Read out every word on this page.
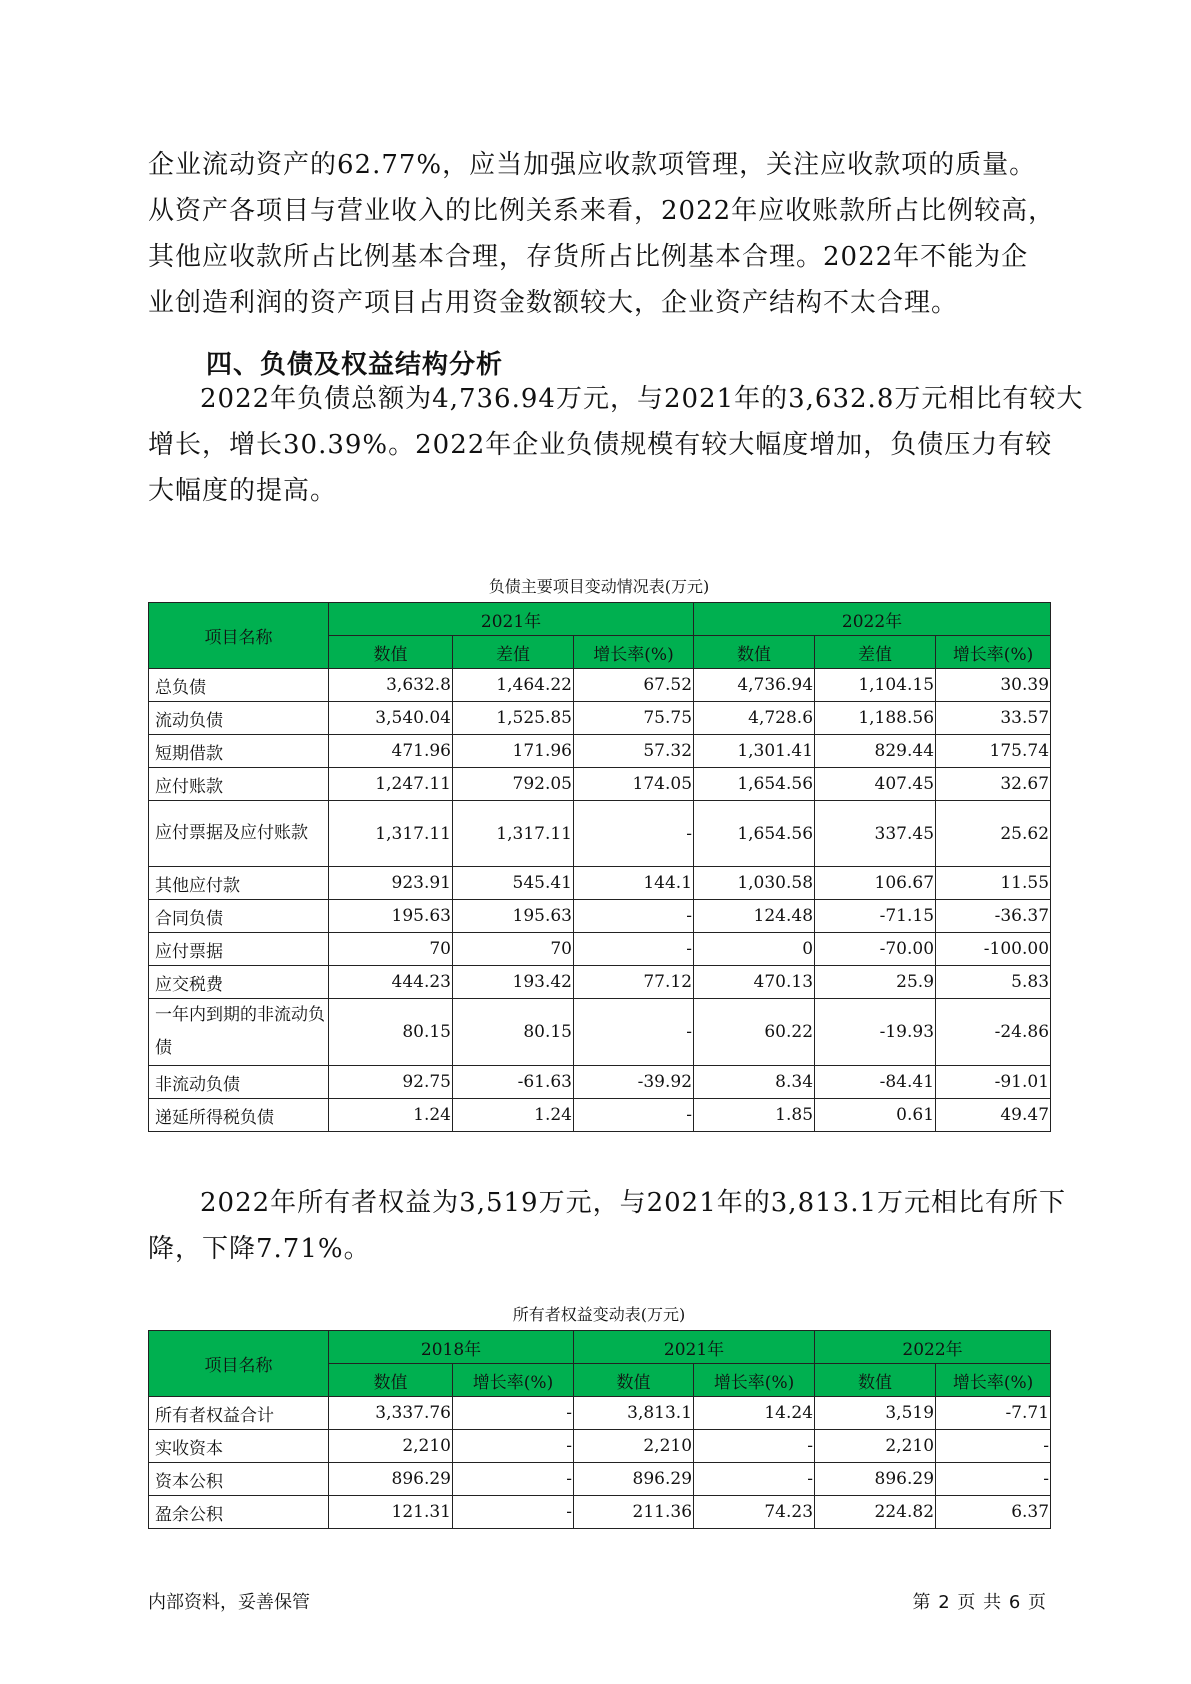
企业流动资产的62.77%，应当加强应收款项管理，关注应收款项的质量。
从资产各项目与营业收入的比例关系来看，2022年应收账款所占比例较高，
其他应收款所占比例基本合理，存货所占比例基本合理。2022年不能为企
业创造利润的资产项目占用资金数额较大，企业资产结构不太合理。
四、负债及权益结构分析
2022年负债总额为4,736.94万元，与2021年的3,632.8万元相比有较大
增长，增长30.39%。2022年企业负债规模有较大幅度增加，负债压力有较
大幅度的提高。
负债主要项目变动情况表(万元)
项目名称	2021年			2022年		
	数值	差值	增长率(%)	数值	差值	增长率(%)
总负债	3,632.8	1,464.22	67.52	4,736.94	1,104.15	30.39
流动负债	3,540.04	1,525.85	75.75	4,728.6	1,188.56	33.57
短期借款	471.96	171.96	57.32	1,301.41	829.44	175.74
应付账款	1,247.11	792.05	174.05	1,654.56	407.45	32.67
应付票据及应付账款	1,317.11	1,317.11	-	1,654.56	337.45	25.62
其他应付款	923.91	545.41	144.1	1,030.58	106.67	11.55
合同负债	195.63	195.63	-	124.48	-71.15	-36.37
应付票据	70	70	-	0	-70.00	-100.00
应交税费	444.23	193.42	77.12	470.13	25.9	5.83
一年内到期的非流动负债	80.15	80.15	-	60.22	-19.93	-24.86
非流动负债	92.75	-61.63	-39.92	8.34	-84.41	-91.01
递延所得税负债	1.24	1.24	-	1.85	0.61	49.47
2022年所有者权益为3,519万元，与2021年的3,813.1万元相比有所下
降，下降7.71%。
所有者权益变动表(万元)
项目名称	2018年		2021年		2022年	
	数值	增长率(%)	数值	增长率(%)	数值	增长率(%)
所有者权益合计	3,337.76	-	3,813.1	14.24	3,519	-7.71
实收资本	2,210	-	2,210	-	2,210	-
资本公积	896.29	-	896.29	-	896.29	-
盈余公积	121.31	-	211.36	74.23	224.82	6.37
内部资料，妥善保管	第 2 页 共 6 页
